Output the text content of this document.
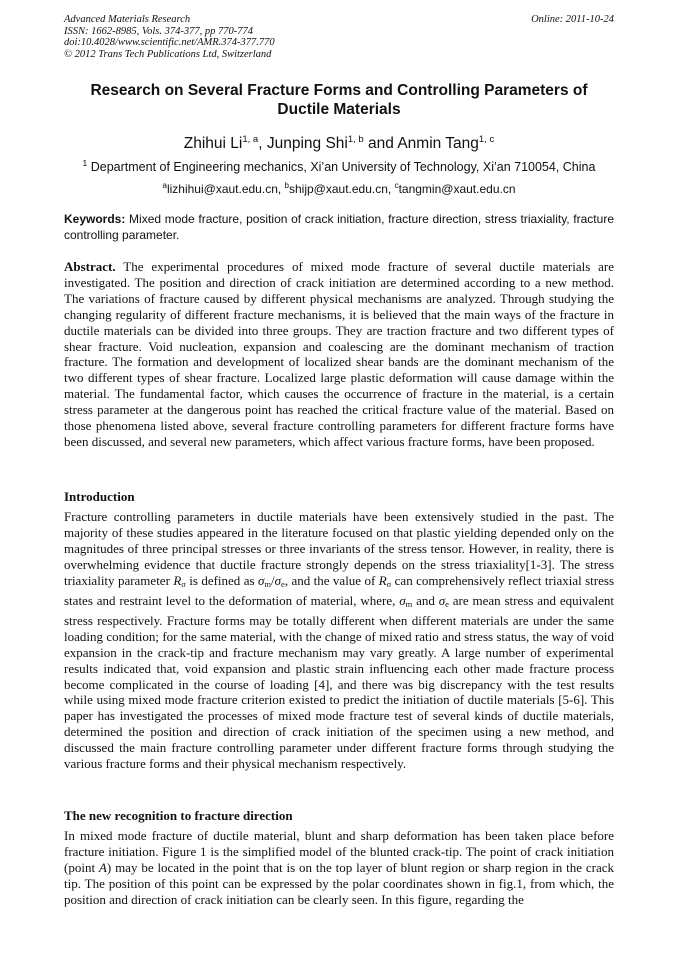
Advanced Materials Research
ISSN: 1662-8985, Vols. 374-377, pp 770-774
doi:10.4028/www.scientific.net/AMR.374-377.770
© 2012 Trans Tech Publications Ltd, Switzerland
Online: 2011-10-24
Research on Several Fracture Forms and Controlling Parameters of Ductile Materials
Zhihui Li$^{1, a}$, Junping Shi$^{1, b}$ and Anmin Tang$^{1, c}$
$^1$ Department of Engineering mechanics, Xi’an University of Technology, Xi’an 710054, China
$^a$lizhihui@xaut.edu.cn, $^b$shijp@xaut.edu.cn, $^c$tangmin@xaut.edu.cn
Keywords: Mixed mode fracture, position of crack initiation, fracture direction, stress triaxiality, fracture controlling parameter.
Abstract. The experimental procedures of mixed mode fracture of several ductile materials are investigated. The position and direction of crack initiation are determined according to a new method. The variations of fracture caused by different physical mechanisms are analyzed. Through studying the changing regularity of different fracture mechanisms, it is believed that the main ways of the fracture in ductile materials can be divided into three groups. They are traction fracture and two different types of shear fracture. Void nucleation, expansion and coalescing are the dominant mechanism of traction fracture. The formation and development of localized shear bands are the dominant mechanism of the two different types of shear fracture. Localized large plastic deformation will cause damage within the material. The fundamental factor, which causes the occurrence of fracture in the material, is a certain stress parameter at the dangerous point has reached the critical fracture value of the material. Based on those phenomena listed above, several fracture controlling parameters for different fracture forms have been discussed, and several new parameters, which affect various fracture forms, have been proposed.
Introduction
Fracture controlling parameters in ductile materials have been extensively studied in the past. The majority of these studies appeared in the literature focused on that plastic yielding depended only on the magnitudes of three principal stresses or three invariants of the stress tensor. However, in reality, there is overwhelming evidence that ductile fracture strongly depends on the stress triaxiality[1-3]. The stress triaxiality parameter $R_\sigma$ is defined as $\sigma_m/\sigma_e$, and the value of $R_\sigma$ can comprehensively reflect triaxial stress states and restraint level to the deformation of material, where, $\sigma_m$ and $\sigma_e$ are mean stress and equivalent stress respectively. Fracture forms may be totally different when different materials are under the same loading condition; for the same material, with the change of mixed ratio and stress status, the way of void expansion in the crack-tip and fracture mechanism may vary greatly. A large number of experimental results indicated that, void expansion and plastic strain influencing each other made fracture process become complicated in the course of loading [4], and there was big discrepancy with the test results while using mixed mode fracture criterion existed to predict the initiation of ductile materials [5-6]. This paper has investigated the processes of mixed mode fracture test of several kinds of ductile materials, determined the position and direction of crack initiation of the specimen using a new method, and discussed the main fracture controlling parameter under different fracture forms through studying the various fracture forms and their physical mechanism respectively.
The new recognition to fracture direction
In mixed mode fracture of ductile material, blunt and sharp deformation has been taken place before fracture initiation. Figure 1 is the simplified model of the blunted crack-tip. The point of crack initiation (point A) may be located in the point that is on the top layer of blunt region or sharp region in the crack tip. The position of this point can be expressed by the polar coordinates shown in fig.1, from which, the position and direction of crack initiation can be clearly seen. In this figure, regarding the
